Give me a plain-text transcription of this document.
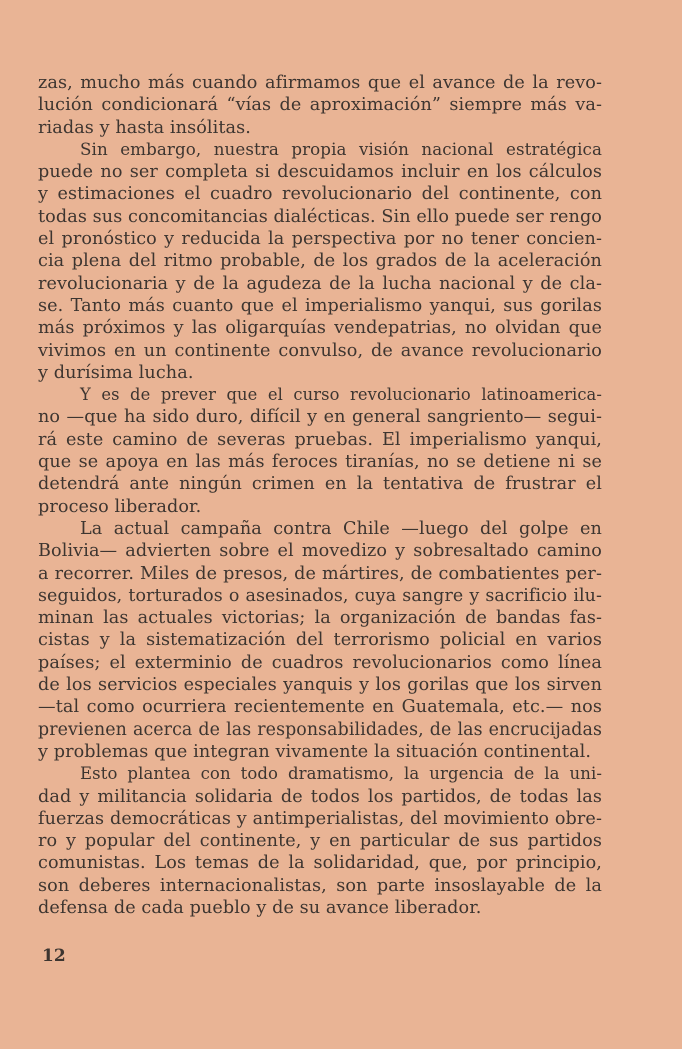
zas, mucho más cuando afirmamos que el avance de la revo-
lución condicionará “vías de aproximación” siempre más va-
riadas y hasta insólitas.
Sin embargo, nuestra propia visión nacional estratégica
puede no ser completa si descuidamos incluir en los cálculos
y estimaciones el cuadro revolucionario del continente, con
todas sus concomitancias dialécticas. Sin ello puede ser rengo
el pronóstico y reducida la perspectiva por no tener concien-
cia plena del ritmo probable, de los grados de la aceleración
revolucionaria y de la agudeza de la lucha nacional y de cla-
se. Tanto más cuanto que el imperialismo yanqui, sus gorilas
más próximos y las oligarquías vendepatrias, no olvidan que
vivimos en un continente convulso, de avance revolucionario
y durísima lucha.
Y es de prever que el curso revolucionario latinoamerica-
no —que ha sido duro, difícil y en general sangriento— segui-
rá este camino de severas pruebas. El imperialismo yanqui,
que se apoya en las más feroces tiranías, no se detiene ni se
detendrá ante ningún crimen en la tentativa de frustrar el
proceso liberador.
La actual campaña contra Chile —luego del golpe en
Bolivia— advierten sobre el movedizo y sobresaltado camino
a recorrer. Miles de presos, de mártires, de combatientes per-
seguidos, torturados o asesinados, cuya sangre y sacrificio ilu-
minan las actuales victorias; la organización de bandas fas-
cistas y la sistematización del terrorismo policial en varios
países; el exterminio de cuadros revolucionarios como línea
de los servicios especiales yanquis y los gorilas que los sirven
—tal como ocurriera recientemente en Guatemala, etc.— nos
previenen acerca de las responsabilidades, de las encrucijadas
y problemas que integran vivamente la situación continental.
Esto plantea con todo dramatismo, la urgencia de la uni-
dad y militancia solidaria de todos los partidos, de todas las
fuerzas democráticas y antimperialistas, del movimiento obre-
ro y popular del continente, y en particular de sus partidos
comunistas. Los temas de la solidaridad, que, por principio,
son deberes internacionalistas, son parte insoslayable de la
defensa de cada pueblo y de su avance liberador.
12
